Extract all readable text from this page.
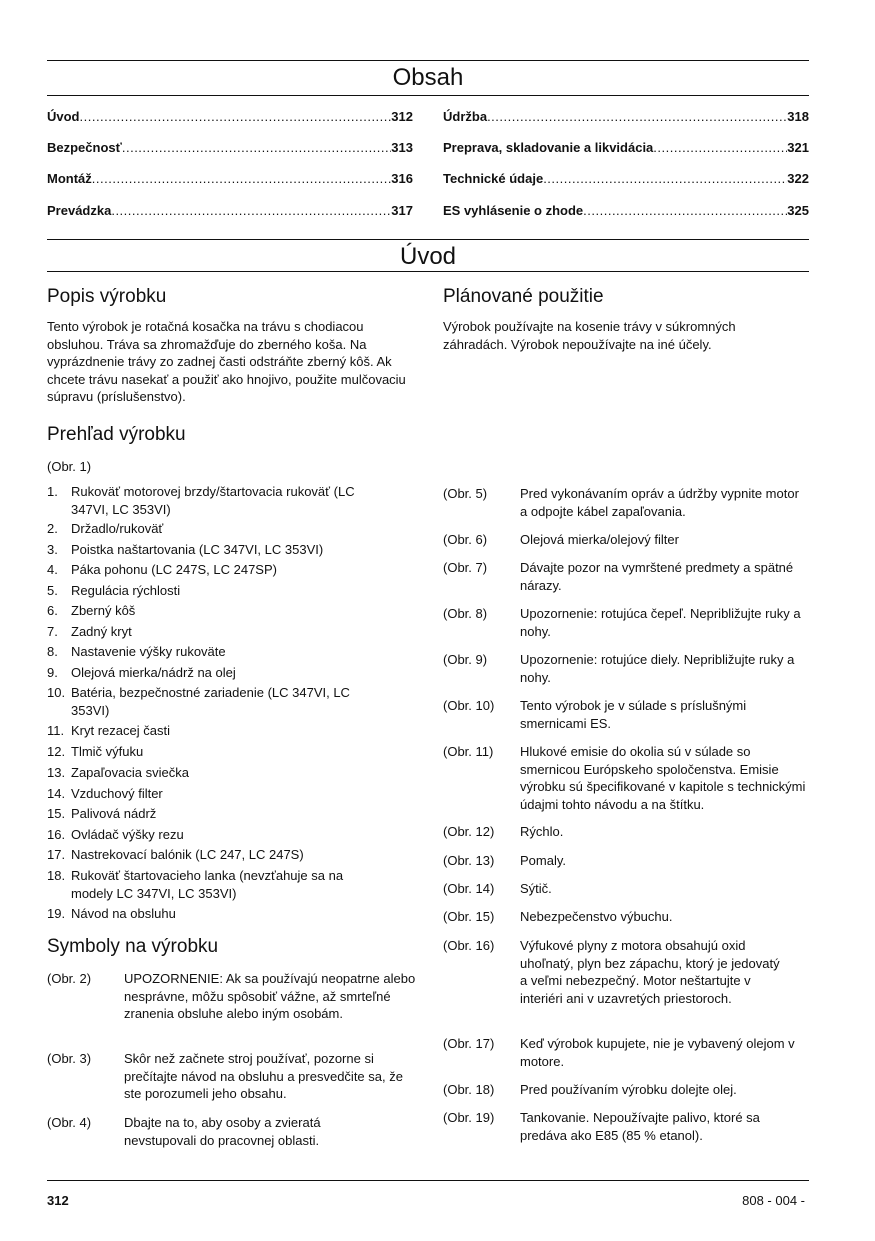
Obsah
Úvod .....	312
Bezpečnosť .....	313
Montáž .....	316
Prevádzka .....	317
Údržba .....	318
Preprava, skladovanie a likvidácia .....	321
Technické údaje .....	322
ES vyhlásenie o zhode .....	325
Úvod
Popis výrobku
Tento výrobok je rotačná kosačka na trávu s chodiacou obsluhou. Tráva sa zhromažďuje do zberného koša. Na vyprázdnenie trávy zo zadnej časti odstráňte zberný kôš. Ak chcete trávu nasekať a použiť ako hnojivo, použite mulčovaciu súpravu (príslušenstvo).
Plánované použitie
Výrobok používajte na kosenie trávy v súkromných záhradách. Výrobok nepoužívajte na iné účely.
Prehľad výrobku
(Obr. 1)
1.	Rukoväť motorovej brzdy/štartovacia rukoväť (LC 347VI, LC 353VI)
2.	Držadlo/rukoväť
3.	Poistka naštartovania (LC 347VI, LC 353VI)
4.	Páka pohonu (LC 247S, LC 247SP)
5.	Regulácia rýchlosti
6.	Zberný kôš
7.	Zadný kryt
8.	Nastavenie výšky rukoväte
9.	Olejová mierka/nádrž na olej
10. Batéria, bezpečnostné zariadenie (LC 347VI, LC 353VI)
11. Kryt rezacej časti
12. Tlmič výfuku
13. Zapaľovacia sviečka
14. Vzduchový filter
15. Palivová nádrž
16. Ovládač výšky rezu
17. Nastrekovací balónik (LC 247, LC 247S)
18. Rukoväť štartovacieho lanka (nevzťahuje sa na modely LC 347VI, LC 353VI)
19. Návod na obsluhu
Symboly na výrobku
(Obr. 2)	UPOZORNENIE: Ak sa používajú neopatrne alebo nesprávne, môžu spôsobiť vážne, až smrteľné zranenia obsluhe alebo iným osobám.
(Obr. 3)	Skôr než začnete stroj používať, pozorne si prečítajte návod na obsluhu a presvedčite sa, že ste porozumeli jeho obsahu.
(Obr. 4)	Dbajte na to, aby osoby a zvieratá nevstupovali do pracovnej oblasti.
(Obr. 5)	Pred vykonávaním opráv a údržby vypnite motor a odpojte kábel zapaľovania.
(Obr. 6)	Olejová mierka/olejový filter
(Obr. 7)	Dávajte pozor na vymrštené predmety a spätné nárazy.
(Obr. 8)	Upozornenie: rotujúca čepeľ. Nepribližujte ruky a nohy.
(Obr. 9)	Upozornenie: rotujúce diely. Nepribližujte ruky a nohy.
(Obr. 10)	Tento výrobok je v súlade s príslušnými smernicami ES.
(Obr. 11)	Hlukové emisie do okolia sú v súlade so smernicou Európskeho spoločenstva. Emisie výrobku sú špecifikované v kapitole s technickými údajmi tohto návodu a na štítku.
(Obr. 12)	Rýchlo.
(Obr. 13)	Pomaly.
(Obr. 14)	Sýtič.
(Obr. 15)	Nebezpečenstvo výbuchu.
(Obr. 16)	Výfukové plyny z motora obsahujú oxid uhoľnatý, plyn bez zápachu, ktorý je jedovatý a veľmi nebezpečný. Motor neštartujte v interiéri ani v uzavretých priestoroch.
(Obr. 17)	Keď výrobok kupujete, nie je vybavený olejom v motore.
(Obr. 18)	Pred používaním výrobku dolejte olej.
(Obr. 19)	Tankovanie. Nepoužívajte palivo, ktoré sa predáva ako E85 (85 % etanol).
312	808 - 004 -
